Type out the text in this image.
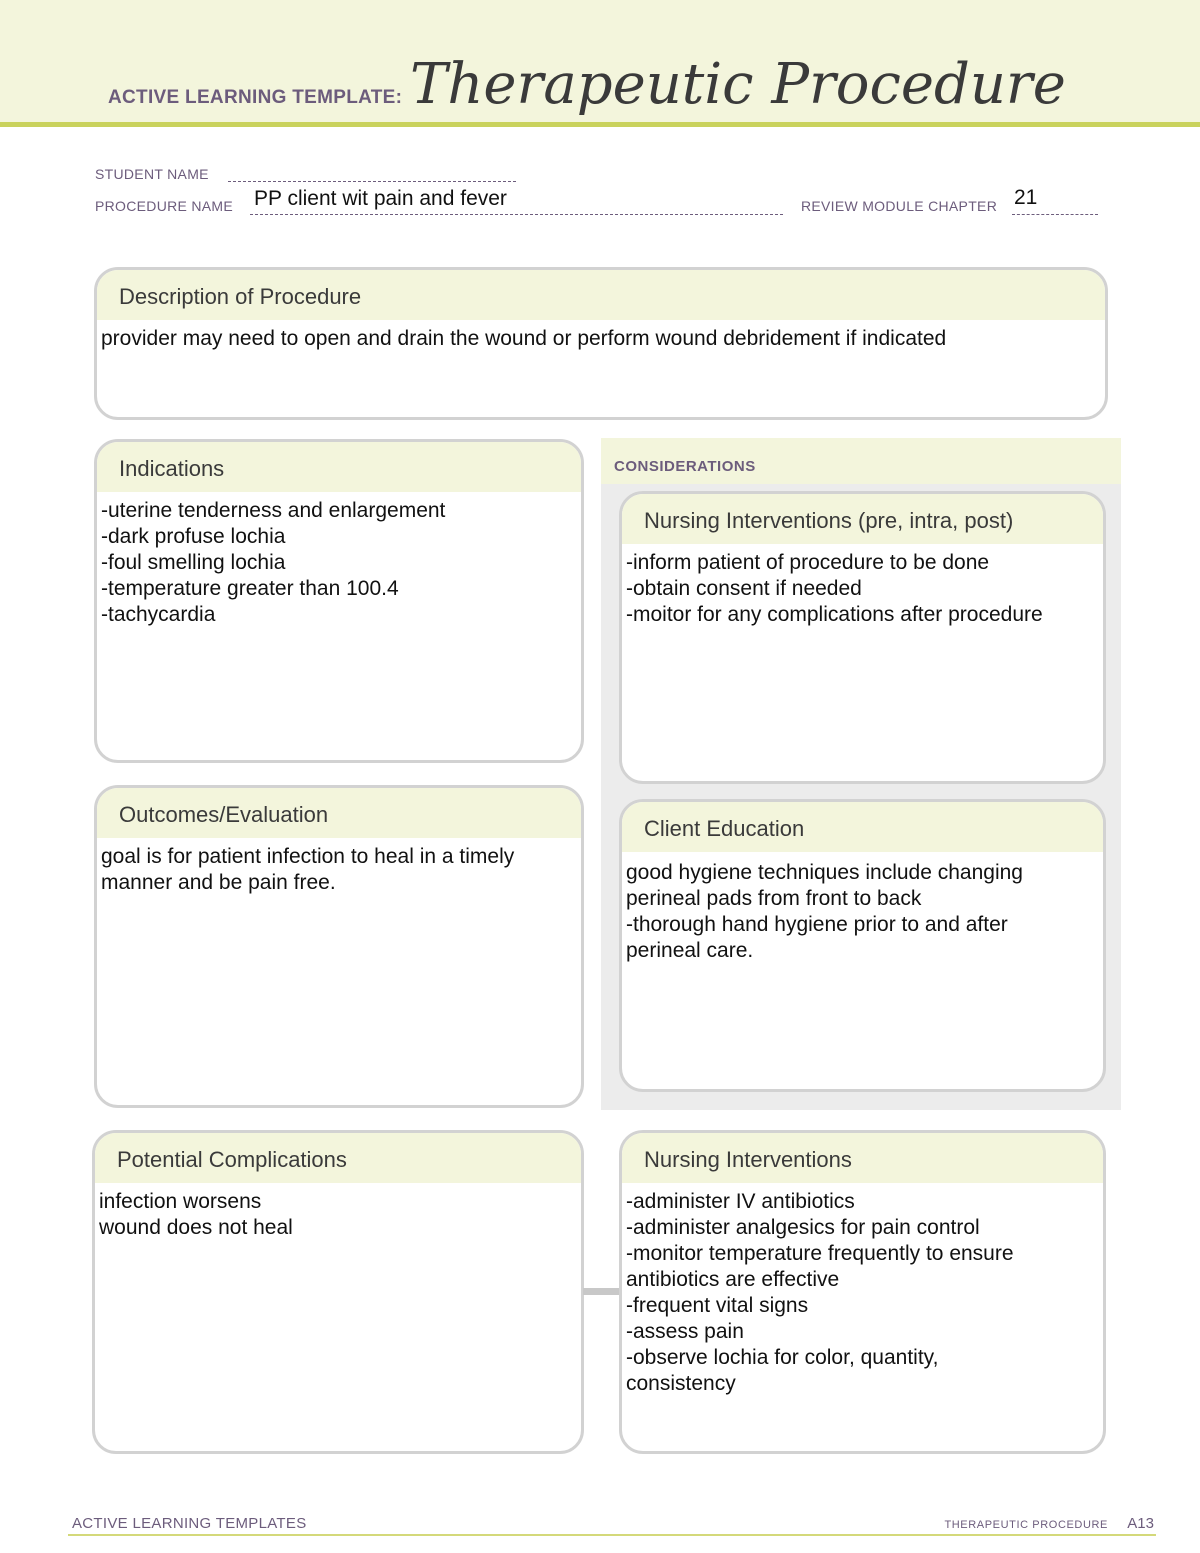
ACTIVE LEARNING TEMPLATE: Therapeutic Procedure
STUDENT NAME
PROCEDURE NAME PP client wit pain and fever	REVIEW MODULE CHAPTER 21
Description of Procedure
provider may need to open and drain the wound or perform wound debridement if indicated
CONSIDERATIONS
Indications
-uterine tenderness and enlargement
-dark profuse lochia
-foul smelling lochia
-temperature greater than 100.4
-tachycardia
Nursing Interventions (pre, intra, post)
-inform patient of procedure to be done
-obtain consent if needed
-moitor for any complications after procedure
Outcomes/Evaluation
goal is for patient infection to heal in a timely
manner and be pain free.
Client Education
good hygiene techniques include changing
perineal pads from front to back
-thorough hand hygiene prior to and after
perineal care.
Potential Complications
infection worsens
wound does not heal
Nursing Interventions
-administer IV antibiotics
-administer analgesics for pain control
-monitor temperature frequently to ensure
antibiotics are effective
-frequent vital signs
-assess pain
-observe lochia for color, quantity,
consistency
ACTIVE LEARNING TEMPLATES	THERAPEUTIC PROCEDURE A13
